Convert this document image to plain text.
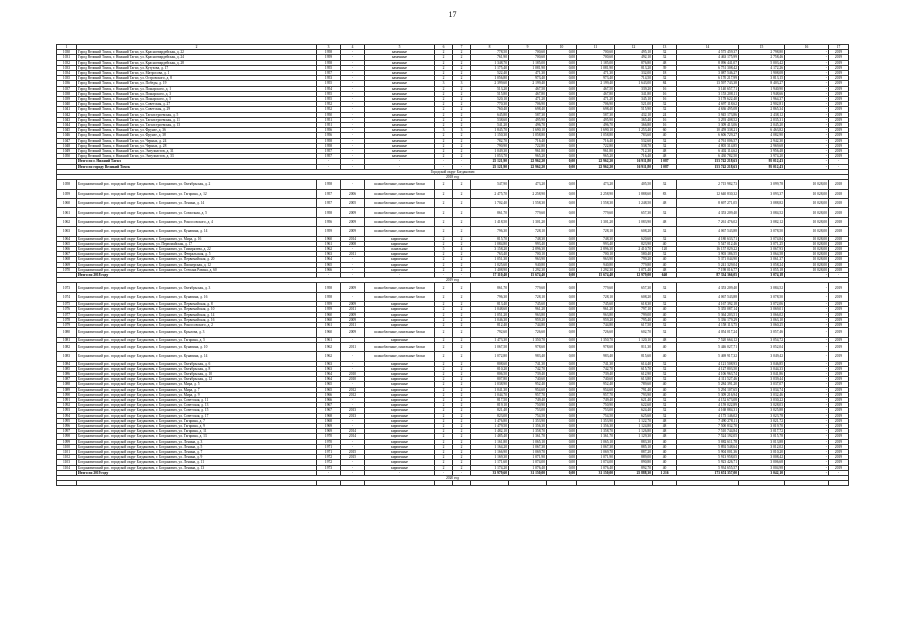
17
1	2	3	4	5	6	7	8	9	10	11	12	13	14	15	16	17
1030	Город Великий Томск, г. Нижний Тагил, ул. Красногвардейская, д. 22	1958	-	каменные	2	2	778,50	700,60	0,00	700,60	495,10	32	4 575 459,37	2 798,80	-	2019
1031	Город Великий Томск, г. Нижний Тагил, ул. Красногвардейская, д. 24	1959	-	каменные	2	2	761,90	700,60	0,00	700,60	492,10	32	4 463 175,99	2 758,46	-	2019
1032	Город Великий Томск, г. Нижний Тагил, ул. Красногвардейская, д. 28	1958	-	каменные	2	2	1 348,70	1 185,00	0,00	1 185,00	876,80	48	8 096 441,07	5 003,42	-	2019
1033	Город Великий Томск, г. Нижний Тагил, ул. Кутузова, д. 17	1955	-	каменные	2	2	1 175,40	1 081,90	0,00	1 081,90	813,20	39	6 751 308,42	4 172,26	-	2019
1034	Город Великий Томск, г. Нижний Тагил, ул. Матросова, д. 1	1957	-	каменные	2	2	522,40	471,30	0,00	471,30	332,00	18	3 087 546,27	1 908,08	-	2019
1035	Город Великий Томск, г. Нижний Тагил, ул. Островского, д. 8	1953	-	каменные	2	2	1 056,80	973,40	0,00	973,40	714,50	32	6 170 217,99	3 813,15	-	2019
1036	Город Великий Томск, г. Нижний Тагил, ул. Победы, д. 19	1955	-	каменные	3	3	2 399,60	2 199,40	0,00	2 199,40	1 643,00	84	13 597 743,38	8 403,27	-	2019
1037	Город Великий Томск, г. Нижний Тагил, ул. Пожарского, д. 1	1954	-	каменные	2	2	513,20	467,50	0,00	467,50	339,20	16	3 140 657,71	1 940,90	-	2019
1038	Город Великий Томск, г. Нижний Тагил, ул. Пожарского, д. 3	1955	-	каменные	2	2	515,80	467,80	0,00	467,80	341,80	16	3 153 208,11	1 948,66	-	2019
1039	Город Великий Томск, г. Нижний Тагил, ул. Пожарского, д. 5	1955	-	каменные	2	2	520,10	471,20	0,00	471,20	345,10	16	3 178 622,40	1 964,37	-	2019
1040	Город Великий Томск, г. Нижний Тагил, ул. Советская, д. 27	1952	-	каменные	2	2	770,30	706,90	0,00	706,90	521,00	32	4 697 118,62	2 902,81	-	2019
1041	Город Великий Томск, г. Нижний Тагил, ул. Советская, д. 29	1952	-	каменные	2	2	760,40	698,40	0,00	698,40	515,90	32	4 636 495,08	2 865,34	-	2019
1042	Город Великий Томск, г. Нижний Тагил, ул. Тагилстроевская, д. 5	1950	-	каменные	2	2	645,80	587,30	0,00	587,30	432,10	24	3 945 173,86	2 438,12	-	2019
1043	Город Великий Томск, г. Нижний Тагил, ул. Тагилстроевская, д. 11	1951	-	каменные	2	2	538,60	495,90	0,00	495,90	365,40	16	3 293 408,52	2 035,31	-	2019
1044	Город Великий Томск, г. Нижний Тагил, ул. Тагилстроевская, д. 13	1951	-	каменные	2	2	541,20	496,70	0,00	496,70	366,80	16	3 309 413,06	2 045,20	-	2019
1045	Город Великий Томск, г. Нижний Тагил, ул. Фрунзе, д. 36	1956	-	каменные	3	3	1 845,70	1 690,10	0,00	1 690,10	1 253,40	60	10 459 338,21	6 463,82	-	2019
1046	Город Великий Томск, г. Нижний Тагил, ул. Фрунзе, д. 38	1956	-	каменные	2	2	1 150,30	1 058,80	0,00	1 058,80	783,60	40	6 606 729,27	4 082,90	-	2019
1047	Город Великий Томск, г. Нижний Тагил, ул. Черных, д. 24	1958	-	каменные	2	2	782,70	716,40	0,00	716,40	532,60	32	4 761 006,57	2 942,30	-	2019
1048	Город Великий Томск, г. Нижний Тагил, ул. Черных, д. 28	1958	-	каменные	2	2	790,90	722,80	0,00	722,80	538,70	32	4 805 314,85	2 969,68	-	2019
1049	Город Великий Томск, г. Нижний Тагил, ул. Энтузиастов, д. 31	1957	-	каменные	2	2	1 049,30	961,80	0,00	961,80	712,30	48	6 402 114,62	3 956,48	-	2019
1050	Город Великий Томск, г. Нижний Тагил, ул. Энтузиастов, д. 33	1957	-	каменные	2	2	1 053,70	965,20	0,00	965,20	716,40	48	6 430 782,50	3 974,20	-	2019
	Итого по г. Нижний Тагил	-	-	-	-	-	25 121,90	22 962,20	0,00	22 962,20	16 911,80	1 087	153 742 218,63	95 012,43	-	-
	Итого по городу Великий Томск	-	-	-	-	-	25 121,90	22 962,20	0,00	22 962,20	16 911,80	1 087	153 742 218,63	95 012,43	-	-
Городской округ Богданович																
2018 год																
1058	Богдановичский рос. городской округ Богданович, г. Богданович, ул. Октябрьская, д. 2	1958	-	шлакоблочные, панельные блоки	2	2	547,90	473,20	0,00	473,20	405,50	32	2 715 982,73	3 099,78	10 028,00	2018
1059	Богдановичский рос. городской округ Богданович, г. Богданович, ул. Гагарина, д. 12	1957	2006	шлакоблочные, панельные блоки	2	2	2 475,70	2 258,90	0,00	2 258,90	1 888,60	83	12 640 830,32	3 093,37	10 028,00	2018
1060	Богдановичский рос. городской округ Богданович, г. Богданович, ул. Ленина, д. 14	1957	2005	шлакоблочные, панельные блоки	2	2	1 702,40	1 558,30	0,00	1 558,30	1 248,50	48	8 697 271,05	3 088,82	10 028,00	2018
1061	Богдановичский рос. городской округ Богданович, г. Богданович, ул. Совхозная, д. 5	1958	2009	шлакоблочные, панельные блоки	2	2	861,70	779,60	0,00	779,60	657,30	32	4 353 209,40	3 084,52	10 028,00	2018
1062	Богдановичский рос. городской округ Богданович, г. Богданович, ул. Рокоссовского, д. 4	1956	2009	шлакоблочные, панельные блоки	2	2	1 418,50	1 301,20	0,00	1 301,20	1 083,90	48	7 261 476,02	3 082,12	10 028,00	2018
1063	Богдановичский рос. городской округ Богданович, г. Богданович, ул. Кунавина, д. 14	1959	2009	шлакоблочные, панельные блоки	2	2	796,30	728,10	0,00	728,10	608,20	32	4 067 543,88	3 078,50	10 028,00	2018
1064	Богдановичский рос. городской округ Богданович, г. Богданович, ул. Мира, д. 16	1960	2014	кирпичные	2	2	815,70	748,30	0,00	748,30	620,60	32	4 180 633,71	3 074,84	10 028,00	2018
1065	Богдановичский рос. городской округ Богданович, ул. Первомайская, д. 17	1961	2008	кирпичные	2	2	1 084,80	993,40	0,00	993,40	823,90	40	5 547 012,46	3 071,25	10 028,00	2018
1066	Богдановичский рос. городской округ Богданович, г. Богданович, ул. Тимирязева, д. 22	1962	-	панельные	5	4	3 158,20	2 896,30	0,00	2 896,30	2 410,70	120	16 157 829,22	3 067,93	10 028,00	2018
1067	Богдановичский рос. городской округ Богданович, г. Богданович, ул. Февральская, д. 5	1963	2011	кирпичные	2	2	763,40	700,10	0,00	700,10	580,40	32	3 903 186,55	3 064,58	10 028,00	2018
1068	Богдановичский рос. городской округ Богданович, г. Богданович, ул. Первомайская, д. 20	1964	-	кирпичные	2	2	1 051,30	963,90	0,00	963,90	799,20	40	5 371 044,90	3 061,37	10 028,00	2018
1069	Богдановичский рос. городской округ Богданович, г. Богданович, ул. Пионерская, д. 12	1965	-	кирпичные	2	2	1 025,60	940,80	0,00	940,80	779,80	40	5 241 329,04	3 058,24	10 028,00	2018
1070	Богдановичский рос. городской округ Богданович, г. Богданович, ул. Степана Разина, д. 60	1966	-	кирпичные	2	2	1 408,90	1 292,30	0,00	1 292,30	1 071,40	48	7 198 016,77	3 055,18	10 028,00	2018
	Итого по 2018 году	-	-	-	-	-	17 110,40	15 674,40	0,00	15 674,40	12 979,00	640	87 334 366,05	3 074,18	-	-
2019 год																
1073	Богдановичский рос. городской округ Богданович, г. Богданович, ул. Октябрьская, д. 3	1958	2009	шлакоблочные, панельные блоки	2	2	861,70	779,60	0,00	779,60	657,30	32	4 353 209,40	3 084,52	-	2019
1074	Богдановичский рос. городской округ Богданович, г. Богданович, ул. Кунавина, д. 16	1958	-	шлакоблочные, панельные блоки	2	2	796,30	728,10	0,00	728,10	608,20	32	4 067 543,88	3 078,50	-	2019
1075	Богдановичский рос. городской округ Богданович, г. Богданович, ул. Первомайская, д. 8	1959	2009	кирпичные	2	2	813,40	745,60	0,00	745,60	618,30	32	4 167 392,18	3 072,06	-	2019
1076	Богдановичский рос. городской округ Богданович, г. Богданович, ул. Первомайская, д. 10	1959	2011	кирпичные	2	2	1 048,60	961,20	0,00	961,20	797,10	40	5 355 087,14	3 069,01	-	2019
1077	Богдановичский рос. городской округ Богданович, г. Богданович, ул. Первомайская, д. 14	1960	2009	кирпичные	2	2	1 051,20	963,80	0,00	963,80	799,00	40	5 364 203,51	3 066,02	-	2019
1078	Богдановичский рос. городской округ Богданович, г. Богданович, ул. Первомайская, д. 16	1960	2009	кирпичные	2	2	1 046,30	959,20	0,00	959,20	795,40	40	5 336 179,29	3 063,10	-	2019
1079	Богдановичский рос. городской округ Богданович, г. Богданович, ул. Рокоссовского, д. 2	1961	2011	кирпичные	2	2	812,40	744,80	0,00	744,80	617,50	32	4 158 113,75	3 060,25	-	2019
1080	Богдановичский рос. городской округ Богданович, г. Богданович, ул. Крылова, д. 3	1960	2009	шлакоблочные, панельные блоки	2	2	792,60	726,60	0,00	726,60	602,70	32	4 054 017,24	3 057,46	-	2019
1081	Богдановичский рос. городской округ Богданович, г. Богданович, ул. Гагарина, д. 5	1961	-	кирпичные	2	2	1 473,30	1 350,70	0,00	1 350,70	1 120,10	48	7 520 664,12	3 054,72	-	2019
1082	Богдановичский рос. городской округ Богданович, г. Богданович, ул. Кунавина, д. 10	1962	2011	шлакоблочные, панельные блоки	2	2	1 067,50	978,60	0,00	978,60	811,30	40	5 446 027,71	3 052,04	-	2019
1083	Богдановичский рос. городской округ Богданович, г. Богданович, ул. Кунавина, д. 14	1962	-	шлакоблочные, панельные блоки	2	2	1 072,80	983,40	0,00	983,40	815,60	40	5 469 917,32	3 049,42	-	2019
1084	Богдановичский рос. городской округ Богданович, г. Богданович, ул. Октябрьская, д. 6	1963	-	кирпичные	2	2	808,60	741,30	0,00	741,30	614,40	32	4 121 508,93	3 046,85	-	2019
1085	Богдановичский рос. городской округ Богданович, г. Богданович, ул. Октябрьская, д. 8	1963	-	кирпичные	2	2	810,20	742,70	0,00	742,70	615,70	32	4 127 803,50	3 044,33	-	2019
1086	Богдановичский рос. городской округ Богданович, г. Богданович, ул. Октябрьская, д. 10	1964	2010	кирпичные	2	2	806,50	739,40	0,00	739,40	612,90	32	4 106 963,74	3 041,86	-	2019
1087	Богдановичский рос. городской округ Богданович, г. Богданович, ул. Октябрьская, д. 12	1964	2010	кирпичные	2	2	807,80	740,60	0,00	740,60	613,80	32	4 111 527,46	3 039,44	-	2019
1088	Богдановичский рос. городской округ Богданович, г. Богданович, ул. Мира, д. 5	1965	-	кирпичные	2	2	1 038,90	952,40	0,00	952,40	789,60	40	5 284 391,20	3 037,07	-	2019
1089	Богдановичский рос. городской округ Богданович, г. Богданович, ул. Мира, д. 7	1965	2012	кирпичные	2	2	1 041,30	954,60	0,00	954,60	791,40	40	5 294 107,65	3 034,74	-	2019
1090	Богдановичский рос. городской округ Богданович, г. Богданович, ул. Мира, д. 9	1966	2012	кирпичные	2	2	1 044,70	957,70	0,00	957,70	793,90	40	5 309 216,94	3 032,46	-	2019
1091	Богдановичский рос. городской округ Богданович, г. Богданович, ул. Советская, д. 11	1966	-	кирпичные	2	2	817,50	749,40	0,00	749,40	621,40	32	4 152 673,08	3 030,22	-	2019
1092	Богдановичский рос. городской округ Богданович, г. Богданович, ул. Советская, д. 13	1967	-	кирпичные	2	2	819,10	750,90	0,00	750,90	622,60	32	4 159 022,89	3 028,03	-	2019
1093	Богдановичский рос. городской округ Богданович, г. Богданович, ул. Советская, д. 15	1967	2013	кирпичные	2	2	821,40	753,00	0,00	753,00	624,40	32	4 168 884,31	3 025,88	-	2019
1094	Богдановичский рос. городской округ Богданович, г. Богданович, ул. Советская, д. 17	1968	2013	кирпичные	2	2	823,00	754,50	0,00	754,50	625,60	32	4 175 146,02	3 023,78	-	2019
1095	Богдановичский рос. городской округ Богданович, г. Богданович, ул. Гагарина, д. 7	1968	-	кирпичные	2	2	1 476,80	1 353,90	0,00	1 353,90	1 122,70	48	7 490 278,11	3 021,72	-	2019
1096	Богдановичский рос. городской округ Богданович, г. Богданович, ул. Гагарина, д. 9	1969	-	кирпичные	2	2	1 479,50	1 356,30	0,00	1 356,30	1 124,80	48	7 500 832,70	3 019,70	-	2019
1097	Богдановичский рос. городской округ Богданович, г. Богданович, ул. Гагарина, д. 11	1969	2014	кирпичные	2	2	1 482,10	1 358,70	0,00	1 358,70	1 126,80	48	7 510 744,84	3 017,72	-	2019
1098	Богдановичский рос. городской округ Богданович, г. Богданович, ул. Гагарина, д. 13	1970	2014	кирпичные	2	2	1 485,40	1 361,70	0,00	1 361,70	1 129,30	48	7 524 192,05	3 015,78	-	2019
1099	Богдановичский рос. городской округ Богданович, г. Богданович, ул. Ленина, д. 3	1970	-	кирпичные	2	2	1 161,80	1 065,10	0,00	1 065,10	883,30	40	5 882 611,78	3 013,88	-	2019
1100	Богдановичский рос. городской округ Богданович, г. Богданович, ул. Ленина, д. 5	1971	-	кирпичные	2	2	1 164,20	1 067,30	0,00	1 067,30	885,10	40	5 892 548,64	3 012,02	-	2019
1101	Богдановичский рос. городской округ Богданович, г. Богданович, ул. Ленина, д. 7	1971	2015	кирпичные	2	2	1 166,90	1 069,70	0,00	1 069,70	887,20	40	5 904 001,36	3 010,20	-	2019
1102	Богдановичский рос. городской округ Богданович, г. Богданович, ул. Ленина, д. 9	1972	2015	кирпичные	2	2	1 169,30	1 071,90	0,00	1 071,90	889,00	40	5 913 958,05	3 008,42	-	2019
1103	Богдановичский рос. городской округ Богданович, г. Богданович, ул. Ленина, д. 11	1972	-	кирпичные	2	2	1 171,60	1 074,00	0,00	1 074,00	890,80	40	5 923 426,71	3 006,68	-	2019
1104	Богдановичский рос. городской округ Богданович, г. Богданович, ул. Ленина, д. 13	1973	-	кирпичные	2	2	1 174,20	1 076,40	0,00	1 076,40	892,70	40	5 934 655,57	3 004,98	-	2019
	Итого по 2019 году	-	-	-	-	-	33 979,60	31 150,00	0,00	31 150,00	25 888,30	1 216	173 674 357,00	3 042,10	-	-
2020 год																
